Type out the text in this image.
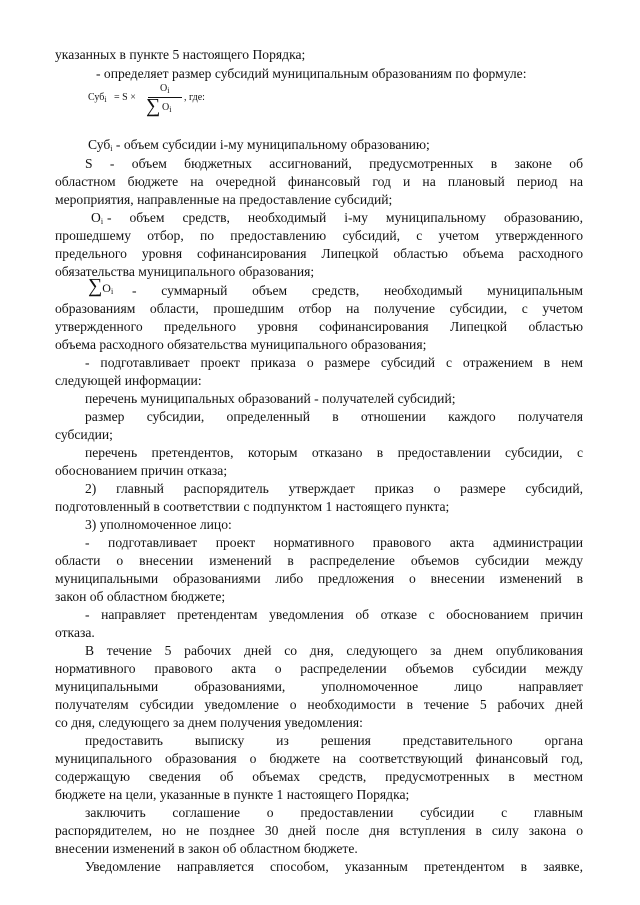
указанных в пункте 5 настоящего Порядка;
- определяет размер субсидий муниципальным образованиям по формуле:
Суб$_i$ = S ×
$O_i$
∑ $O_i$
, где:
Суб$_i$ - объем субсидии i-му муниципальному образованию;
S - объем бюджетных ассигнований, предусмотренных в законе об
областном бюджете на очередной финансовый год и на плановый период на
мероприятия, направленные на предоставление субсидий;
$O_i$ - объем средств, необходимый i-му муниципальному образованию,
прошедшему отбор, по предоставлению субсидий, с учетом утвержденного
предельного уровня софинансирования Липецкой областью объема расходного
обязательства муниципального образования;
$\sum O_i$ - суммарный объем средств, необходимый муниципальным
образованиям области, прошедшим отбор на получение субсидии, с учетом
утвержденного предельного уровня софинансирования Липецкой областью
объема расходного обязательства муниципального образования;
- подготавливает проект приказа о размере субсидий с отражением в нем
следующей информации:
перечень муниципальных образований - получателей субсидий;
размер субсидии, определенный в отношении каждого получателя
субсидии;
перечень претендентов, которым отказано в предоставлении субсидии, с
обоснованием причин отказа;
2) главный распорядитель утверждает приказ о размере субсидий,
подготовленный в соответствии с подпунктом 1 настоящего пункта;
3) уполномоченное лицо:
- подготавливает проект нормативного правового акта администрации
области о внесении изменений в распределение объемов субсидии между
муниципальными образованиями либо предложения о внесении изменений в
закон об областном бюджете;
- направляет претендентам уведомления об отказе с обоснованием причин
отказа.
В течение 5 рабочих дней со дня, следующего за днем опубликования
нормативного правового акта о распределении объемов субсидии между
муниципальными образованиями, уполномоченное лицо направляет
получателям субсидии уведомление о необходимости в течение 5 рабочих дней
со дня, следующего за днем получения уведомления:
предоставить выписку из решения представительного органа
муниципального образования о бюджете на соответствующий финансовый год,
содержащую сведения об объемах средств, предусмотренных в местном
бюджете на цели, указанные в пункте 1 настоящего Порядка;
заключить соглашение о предоставлении субсидии с главным
распорядителем, но не позднее 30 дней после дня вступления в силу закона о
внесении изменений в закон об областном бюджете.
Уведомление направляется способом, указанным претендентом в заявке,
